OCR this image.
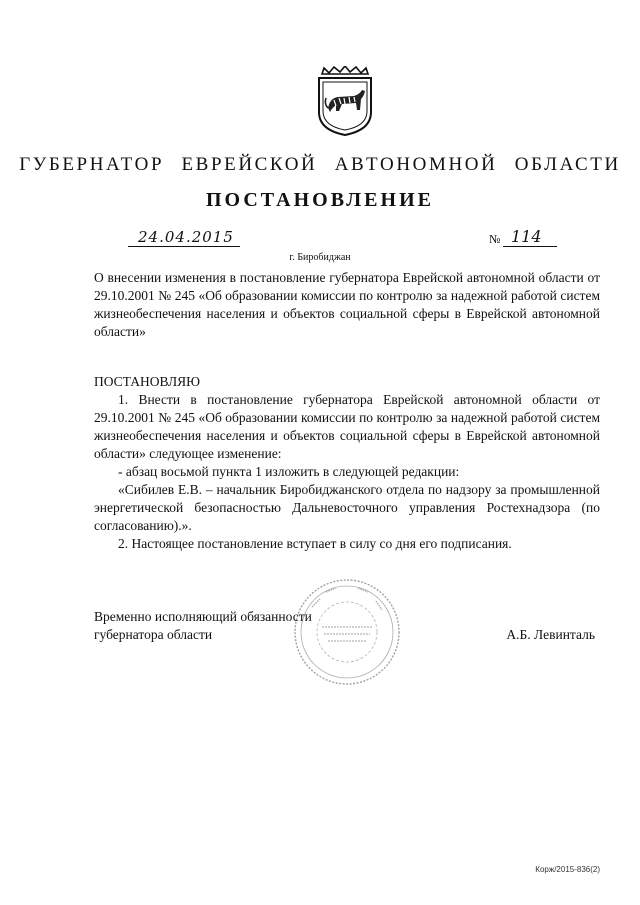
ГУБЕРНАТОР ЕВРЕЙСКОЙ АВТОНОМНОЙ ОБЛАСТИ
ПОСТАНОВЛЕНИЕ
24.04.2015	№ 114
г. Биробиджан
О внесении изменения в постановление губернатора Еврейской автономной области от 29.10.2001 № 245 «Об образовании комиссии по контролю за надежной работой систем жизнеобеспечения населения и объектов социальной сферы в Еврейской автономной области»
ПОСТАНОВЛЯЮ
1. Внести в постановление губернатора Еврейской автономной области от 29.10.2001 № 245 «Об образовании комиссии по контролю за надежной работой систем жизнеобеспечения населения и объектов социальной сферы в Еврейской автономной области» следующее изменение:
- абзац восьмой пункта 1 изложить в следующей редакции:
«Сибилев Е.В. – начальник Биробиджанского отдела по надзору за промышленной энергетической безопасностью Дальневосточного управления Ростехнадзора (по согласованию).».
2. Настоящее постановление вступает в силу со дня его подписания.
Временно исполняющий обязанности
губернатора области	А.Б. Левинталь
Корж/2015-836(2)
